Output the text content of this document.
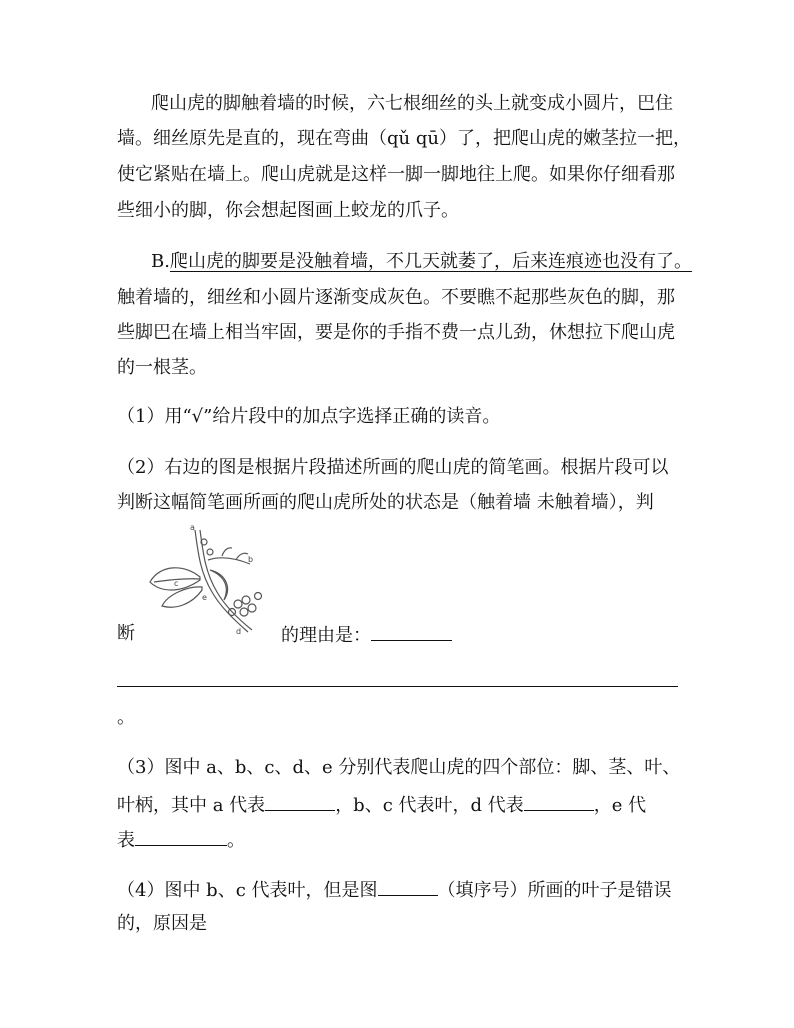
爬山虎的脚触着墙的时候，六七根细丝的头上就变成小圆片，巴住
墙。细丝原先是直的，现在弯曲（qǔ qū）了，把爬山虎的嫩茎拉一把，
使它紧贴在墙上。爬山虎就是这样一脚一脚地往上爬。如果你仔细看那
些细小的脚，你会想起图画上蛟龙的爪子。
B.爬山虎的脚要是没触着墙，不几天就萎了，后来连痕迹也没有了。
触着墙的，细丝和小圆片逐渐变成灰色。不要瞧不起那些灰色的脚，那
些脚巴在墙上相当牢固，要是你的手指不费一点儿劲，休想拉下爬山虎
的一根茎。
（1）用“√”给片段中的加点字选择正确的读音。
（2）右边的图是根据片段描述所画的爬山虎的简笔画。根据片段可以
判断这幅简笔画所画的爬山虎所处的状态是（触着墙 未触着墙），判
a
b
c
d
e
断	的理由是：
。
（3）图中 a、b、c、d、e 分别代表爬山虎的四个部位：脚、茎、叶、
叶柄，其中 a 代表	，b、c 代表叶，d 代表	，e 代
表	。
（4）图中 b、c 代表叶，但是图	（填序号）所画的叶子是错误
的，原因是
